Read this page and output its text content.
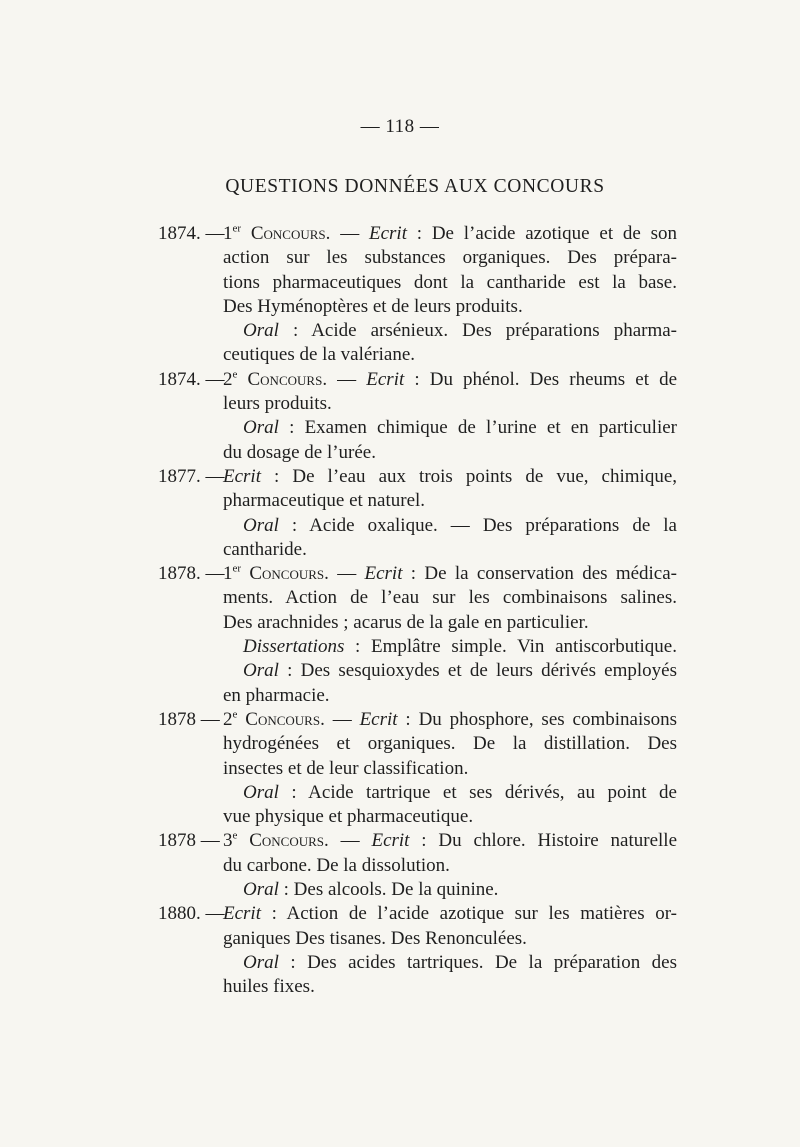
— 118 —
QUESTIONS DONNÉES AUX CONCOURS
1874. —
1er Concours. — Ecrit : De l’acide azotique et de son
action sur les substances organiques. Des prépara-
tions pharmaceutiques dont la cantharide est la base.
Des Hyménoptères et de leurs produits.
Oral : Acide arsénieux. Des préparations pharma-
ceutiques de la valériane.
1874. —
2e Concours. — Ecrit : Du phénol. Des rheums et de
leurs produits.
Oral : Examen chimique de l’urine et en particulier
du dosage de l’urée.
1877. —
Ecrit : De l’eau aux trois points de vue, chimique,
pharmaceutique et naturel.
Oral : Acide oxalique. — Des préparations de la
cantharide.
1878. —
1er Concours. — Ecrit : De la conservation des médica-
ments. Action de l’eau sur les combinaisons salines.
Des arachnides ; acarus de la gale en particulier.
Dissertations : Emplâtre simple. Vin antiscorbutique.
Oral : Des sesquioxydes et de leurs dérivés employés
en pharmacie.
1878 — 2e Concours. — Ecrit : Du phosphore, ses combinaisons
hydrogénées et organiques. De la distillation. Des
insectes et de leur classification.
Oral : Acide tartrique et ses dérivés, au point de
vue physique et pharmaceutique.
1878 — 3e Concours. — Ecrit : Du chlore. Histoire naturelle
du carbone. De la dissolution.
Oral : Des alcools. De la quinine.
1880. —
Ecrit : Action de l’acide azotique sur les matières or-
ganiques Des tisanes. Des Renonculées.
Oral : Des acides tartriques. De la préparation des
huiles fixes.
